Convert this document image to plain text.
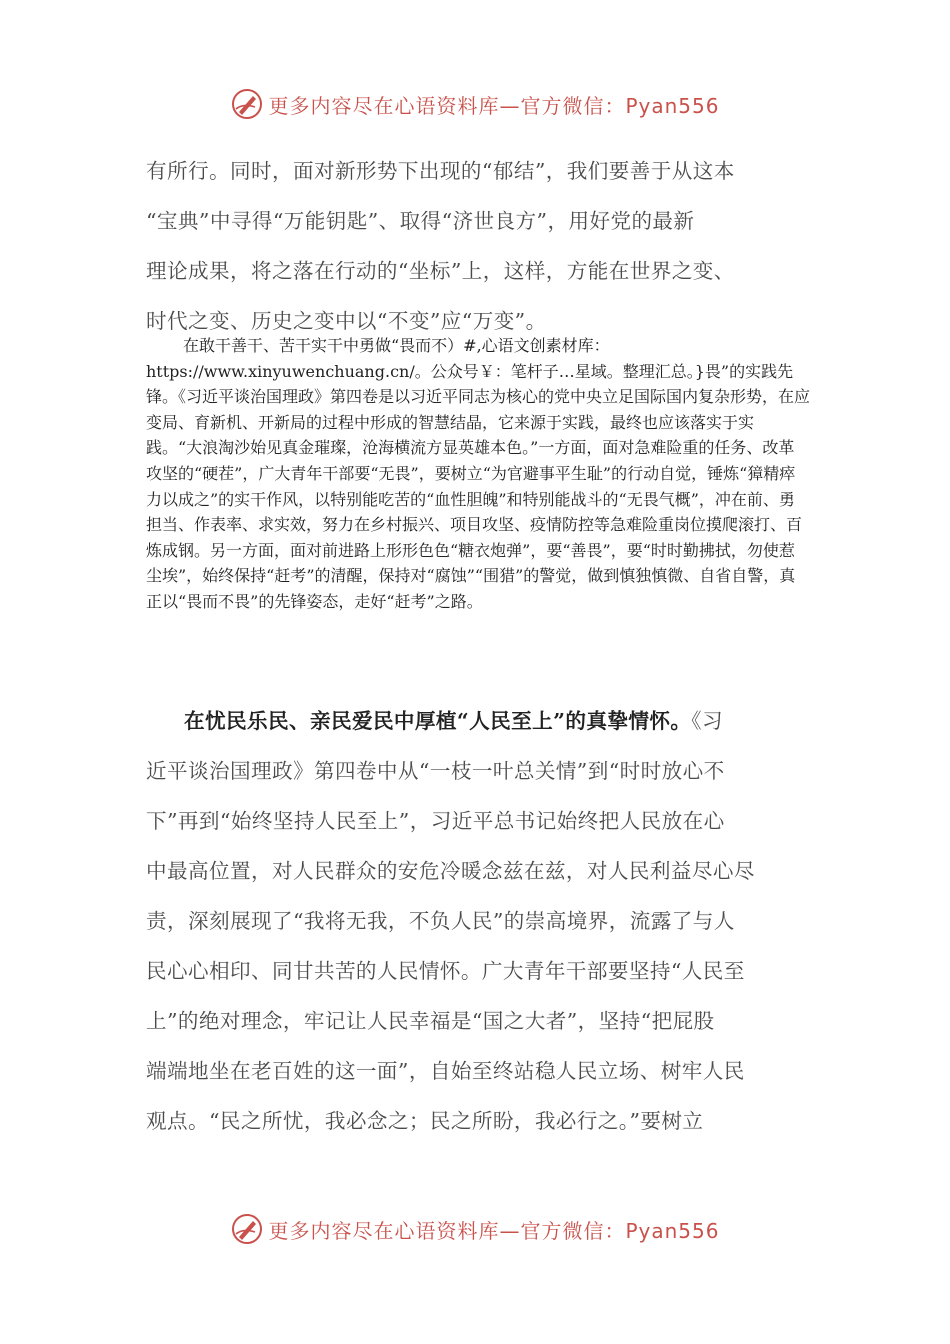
更多内容尽在心语资料库—官方微信：Pyan556
有所行。同时，面对新形势下出现的“郁结”，我们要善于从这本
“宝典”中寻得“万能钥匙”、取得“济世良方”，用好党的最新
理论成果，将之落在行动的“坐标”上，这样，方能在世界之变、
时代之变、历史之变中以“不变”应“万变”。

在敢干善干、苦干实干中勇做“畏而不）#,心语文创素材库：https://www.xinyuwenchuang.cn/。公众号￥：笔杆子…星域。整理汇总。}畏”的实践先锋。《习近平谈治国理政》第四卷是以习近平同志为核心的党中央立足国际国内复杂形势，在应变局、育新机、开新局的过程中形成的智慧结晶，它来源于实践，最终也应该落实于实践。“大浪淘沙始见真金璀璨，沧海横流方显英雄本色。”一方面，面对急难险重的任务、改革攻坚的“硬茬”，广大青年干部要“无畏”，要树立“为官避事平生耻”的行动自觉，锤炼“獐精瘁力以成之”的实干作风，以特别能吃苦的“血性胆魄”和特别能战斗的“无畏气概”，冲在前、勇担当、作表率、求实效，努力在乡村振兴、项目攻坚、疫情防控等急难险重岗位摸爬滚打、百炼成钢。另一方面，面对前进路上形形色色“糖衣炮弹”，要“善畏”，要“时时勤拂拭，勿使惹尘埃”，始终保持“赶考”的清醒，保持对“腐蚀”“围猎”的警觉，做到慎独慎微、自省自警，真正以“畏而不畏”的先锋姿态，走好“赶考”之路。

在忧民乐民、亲民爱民中厚植“人民至上”的真挚情怀。《习
近平谈治国理政》第四卷中从“一枝一叶总关情”到“时时放心不
下”再到“始终坚持人民至上”，习近平总书记始终把人民放在心
中最高位置，对人民群众的安危冷暖念兹在兹，对人民利益尽心尽
责，深刻展现了“我将无我，不负人民”的崇高境界，流露了与人
民心心相印、同甘共苦的人民情怀。广大青年干部要坚持“人民至
上”的绝对理念，牢记让人民幸福是“国之大者”，坚持“把屁股
端端地坐在老百姓的这一面”，自始至终站稳人民立场、树牢人民
观点。“民之所忧，我必念之；民之所盼，我必行之。”要树立
更多内容尽在心语资料库—官方微信：Pyan556
